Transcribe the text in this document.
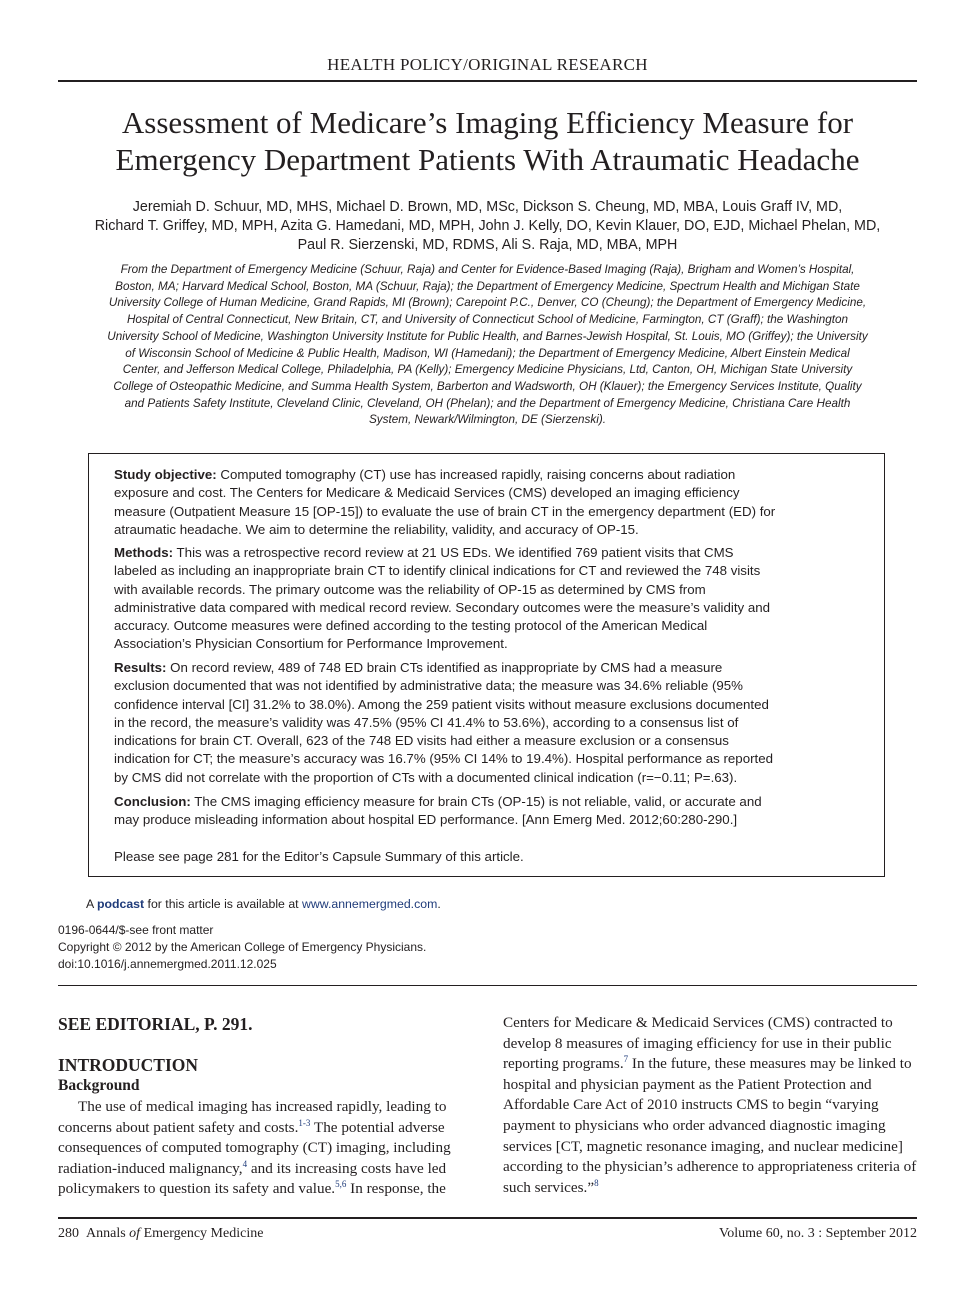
HEALTH POLICY/ORIGINAL RESEARCH
Assessment of Medicare’s Imaging Efficiency Measure for
Emergency Department Patients With Atraumatic Headache
Jeremiah D. Schuur, MD, MHS, Michael D. Brown, MD, MSc, Dickson S. Cheung, MD, MBA, Louis Graff IV, MD,
Richard T. Griffey, MD, MPH, Azita G. Hamedani, MD, MPH, John J. Kelly, DO, Kevin Klauer, DO, EJD, Michael Phelan, MD,
Paul R. Sierzenski, MD, RDMS, Ali S. Raja, MD, MBA, MPH
From the Department of Emergency Medicine (Schuur, Raja) and Center for Evidence-Based Imaging (Raja), Brigham and Women’s Hospital,
Boston, MA; Harvard Medical School, Boston, MA (Schuur, Raja); the Department of Emergency Medicine, Spectrum Health and Michigan State
University College of Human Medicine, Grand Rapids, MI (Brown); Carepoint P.C., Denver, CO (Cheung); the Department of Emergency Medicine,
Hospital of Central Connecticut, New Britain, CT, and University of Connecticut School of Medicine, Farmington, CT (Graff); the Washington
University School of Medicine, Washington University Institute for Public Health, and Barnes-Jewish Hospital, St. Louis, MO (Griffey); the University
of Wisconsin School of Medicine & Public Health, Madison, WI (Hamedani); the Department of Emergency Medicine, Albert Einstein Medical
Center, and Jefferson Medical College, Philadelphia, PA (Kelly); Emergency Medicine Physicians, Ltd, Canton, OH, Michigan State University
College of Osteopathic Medicine, and Summa Health System, Barberton and Wadsworth, OH (Klauer); the Emergency Services Institute, Quality
and Patients Safety Institute, Cleveland Clinic, Cleveland, OH (Phelan); and the Department of Emergency Medicine, Christiana Care Health
System, Newark/Wilmington, DE (Sierzenski).
Study objective: Computed tomography (CT) use has increased rapidly, raising concerns about radiation
exposure and cost. The Centers for Medicare & Medicaid Services (CMS) developed an imaging efficiency
measure (Outpatient Measure 15 [OP-15]) to evaluate the use of brain CT in the emergency department (ED) for
atraumatic headache. We aim to determine the reliability, validity, and accuracy of OP-15.
Methods: This was a retrospective record review at 21 US EDs. We identified 769 patient visits that CMS
labeled as including an inappropriate brain CT to identify clinical indications for CT and reviewed the 748 visits
with available records. The primary outcome was the reliability of OP-15 as determined by CMS from
administrative data compared with medical record review. Secondary outcomes were the measure’s validity and
accuracy. Outcome measures were defined according to the testing protocol of the American Medical
Association’s Physician Consortium for Performance Improvement.
Results: On record review, 489 of 748 ED brain CTs identified as inappropriate by CMS had a measure
exclusion documented that was not identified by administrative data; the measure was 34.6% reliable (95%
confidence interval [CI] 31.2% to 38.0%). Among the 259 patient visits without measure exclusions documented
in the record, the measure’s validity was 47.5% (95% CI 41.4% to 53.6%), according to a consensus list of
indications for brain CT. Overall, 623 of the 748 ED visits had either a measure exclusion or a consensus
indication for CT; the measure’s accuracy was 16.7% (95% CI 14% to 19.4%). Hospital performance as reported
by CMS did not correlate with the proportion of CTs with a documented clinical indication (r=−0.11; P=.63).
Conclusion: The CMS imaging efficiency measure for brain CTs (OP-15) is not reliable, valid, or accurate and
may produce misleading information about hospital ED performance. [Ann Emerg Med. 2012;60:280-290.]
Please see page 281 for the Editor’s Capsule Summary of this article.
A podcast for this article is available at www.annemergmed.com.
0196-0644/$-see front matter
Copyright © 2012 by the American College of Emergency Physicians.
doi:10.1016/j.annemergmed.2011.12.025
SEE EDITORIAL, P. 291.
INTRODUCTION
Background
The use of medical imaging has increased rapidly, leading to
concerns about patient safety and costs.$^{1-3}$ The potential adverse
consequences of computed tomography (CT) imaging, including
radiation-induced malignancy,$^4$ and its increasing costs have led
policymakers to question its safety and value.$^{5,6}$ In response, the
Centers for Medicare & Medicaid Services (CMS) contracted to
develop 8 measures of imaging efficiency for use in their public
reporting programs.$^7$ In the future, these measures may be linked to
hospital and physician payment as the Patient Protection and
Affordable Care Act of 2010 instructs CMS to begin “varying
payment to physicians who order advanced diagnostic imaging
services [CT, magnetic resonance imaging, and nuclear medicine]
according to the physician’s adherence to appropriateness criteria of
such services.”$^8$
280 Annals of Emergency Medicine	Volume 60, no. 3 : September 2012
